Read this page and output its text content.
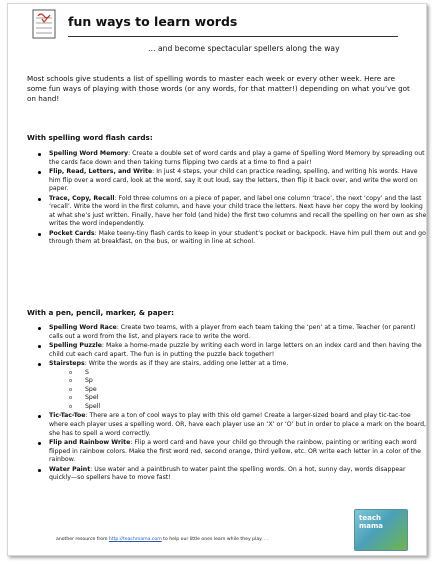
fun ways to learn words
… and become spectacular spellers along the way
Most schools give students a list of spelling words to master each week or every other week. Here are some fun ways of playing with those words (or any words, for that matter!) depending on what you’ve got on hand!
With spelling word flash cards:
Spelling Word Memory: Create a double set of word cards and play a game of Spelling Word Memory by spreading out the cards face down and then taking turns flipping two cards at a time to find a pair!
Flip, Read, Letters, and Write: In just 4 steps, your child can practice reading, spelling, and writing his words. Have him flip over a word card, look at the word, say it out loud, say the letters, then flip it back over, and write the word on paper.
Trace, Copy, Recall: Fold three columns on a piece of paper, and label one column ‘trace’, the next ‘copy’ and the last ‘recall’. Write the word in the first column, and have your child trace the letters. Next have her copy the word by looking at what she’s just written. Finally, have her fold (and hide) the first two columns and recall the spelling on her own as she writes the word independently.
Pocket Cards: Make teeny-tiny flash cards to keep in your student’s pocket or backpock. Have him pull them out and go through them at breakfast, on the bus, or waiting in line at school.
With a pen, pencil, marker, & paper:
Spelling Word Race: Create two teams, with a player from each team taking the ‘pen’ at a time. Teacher (or parent) calls out a word from the list, and players race to write the word.
Spelling Puzzle: Make a home-made puzzle by writing each word in large letters on an index card and then having the child cut each card apart. The fun is in putting the puzzle back together!
Stairsteps: Write the words as if they are stairs, adding one letter at a time.
o S
o Sp
o Spe
o Spel
o Spell
Tic-Tac-Toe: There are a ton of cool ways to play with this old game! Create a larger-sized board and play tic-tac-toe where each player uses a spelling word. OR, have each player use an ‘X’ or ‘O’ but in order to place a mark on the board, she has to spell a word correctly.
Flip and Rainbow Write: Flip a word card and have your child go through the rainbow, painting or writing each word flipped in rainbow colors. Make the first word red, second orange, third yellow, etc. OR write each letter in a color of the rainbow.
Water Paint: Use water and a paintbrush to water paint the spelling words. On a hot, sunny day, words disappear quickly—so spellers have to move fast!
another resource from http://teachmama.com to help our little ones learn while they play. . .
teach
mama
